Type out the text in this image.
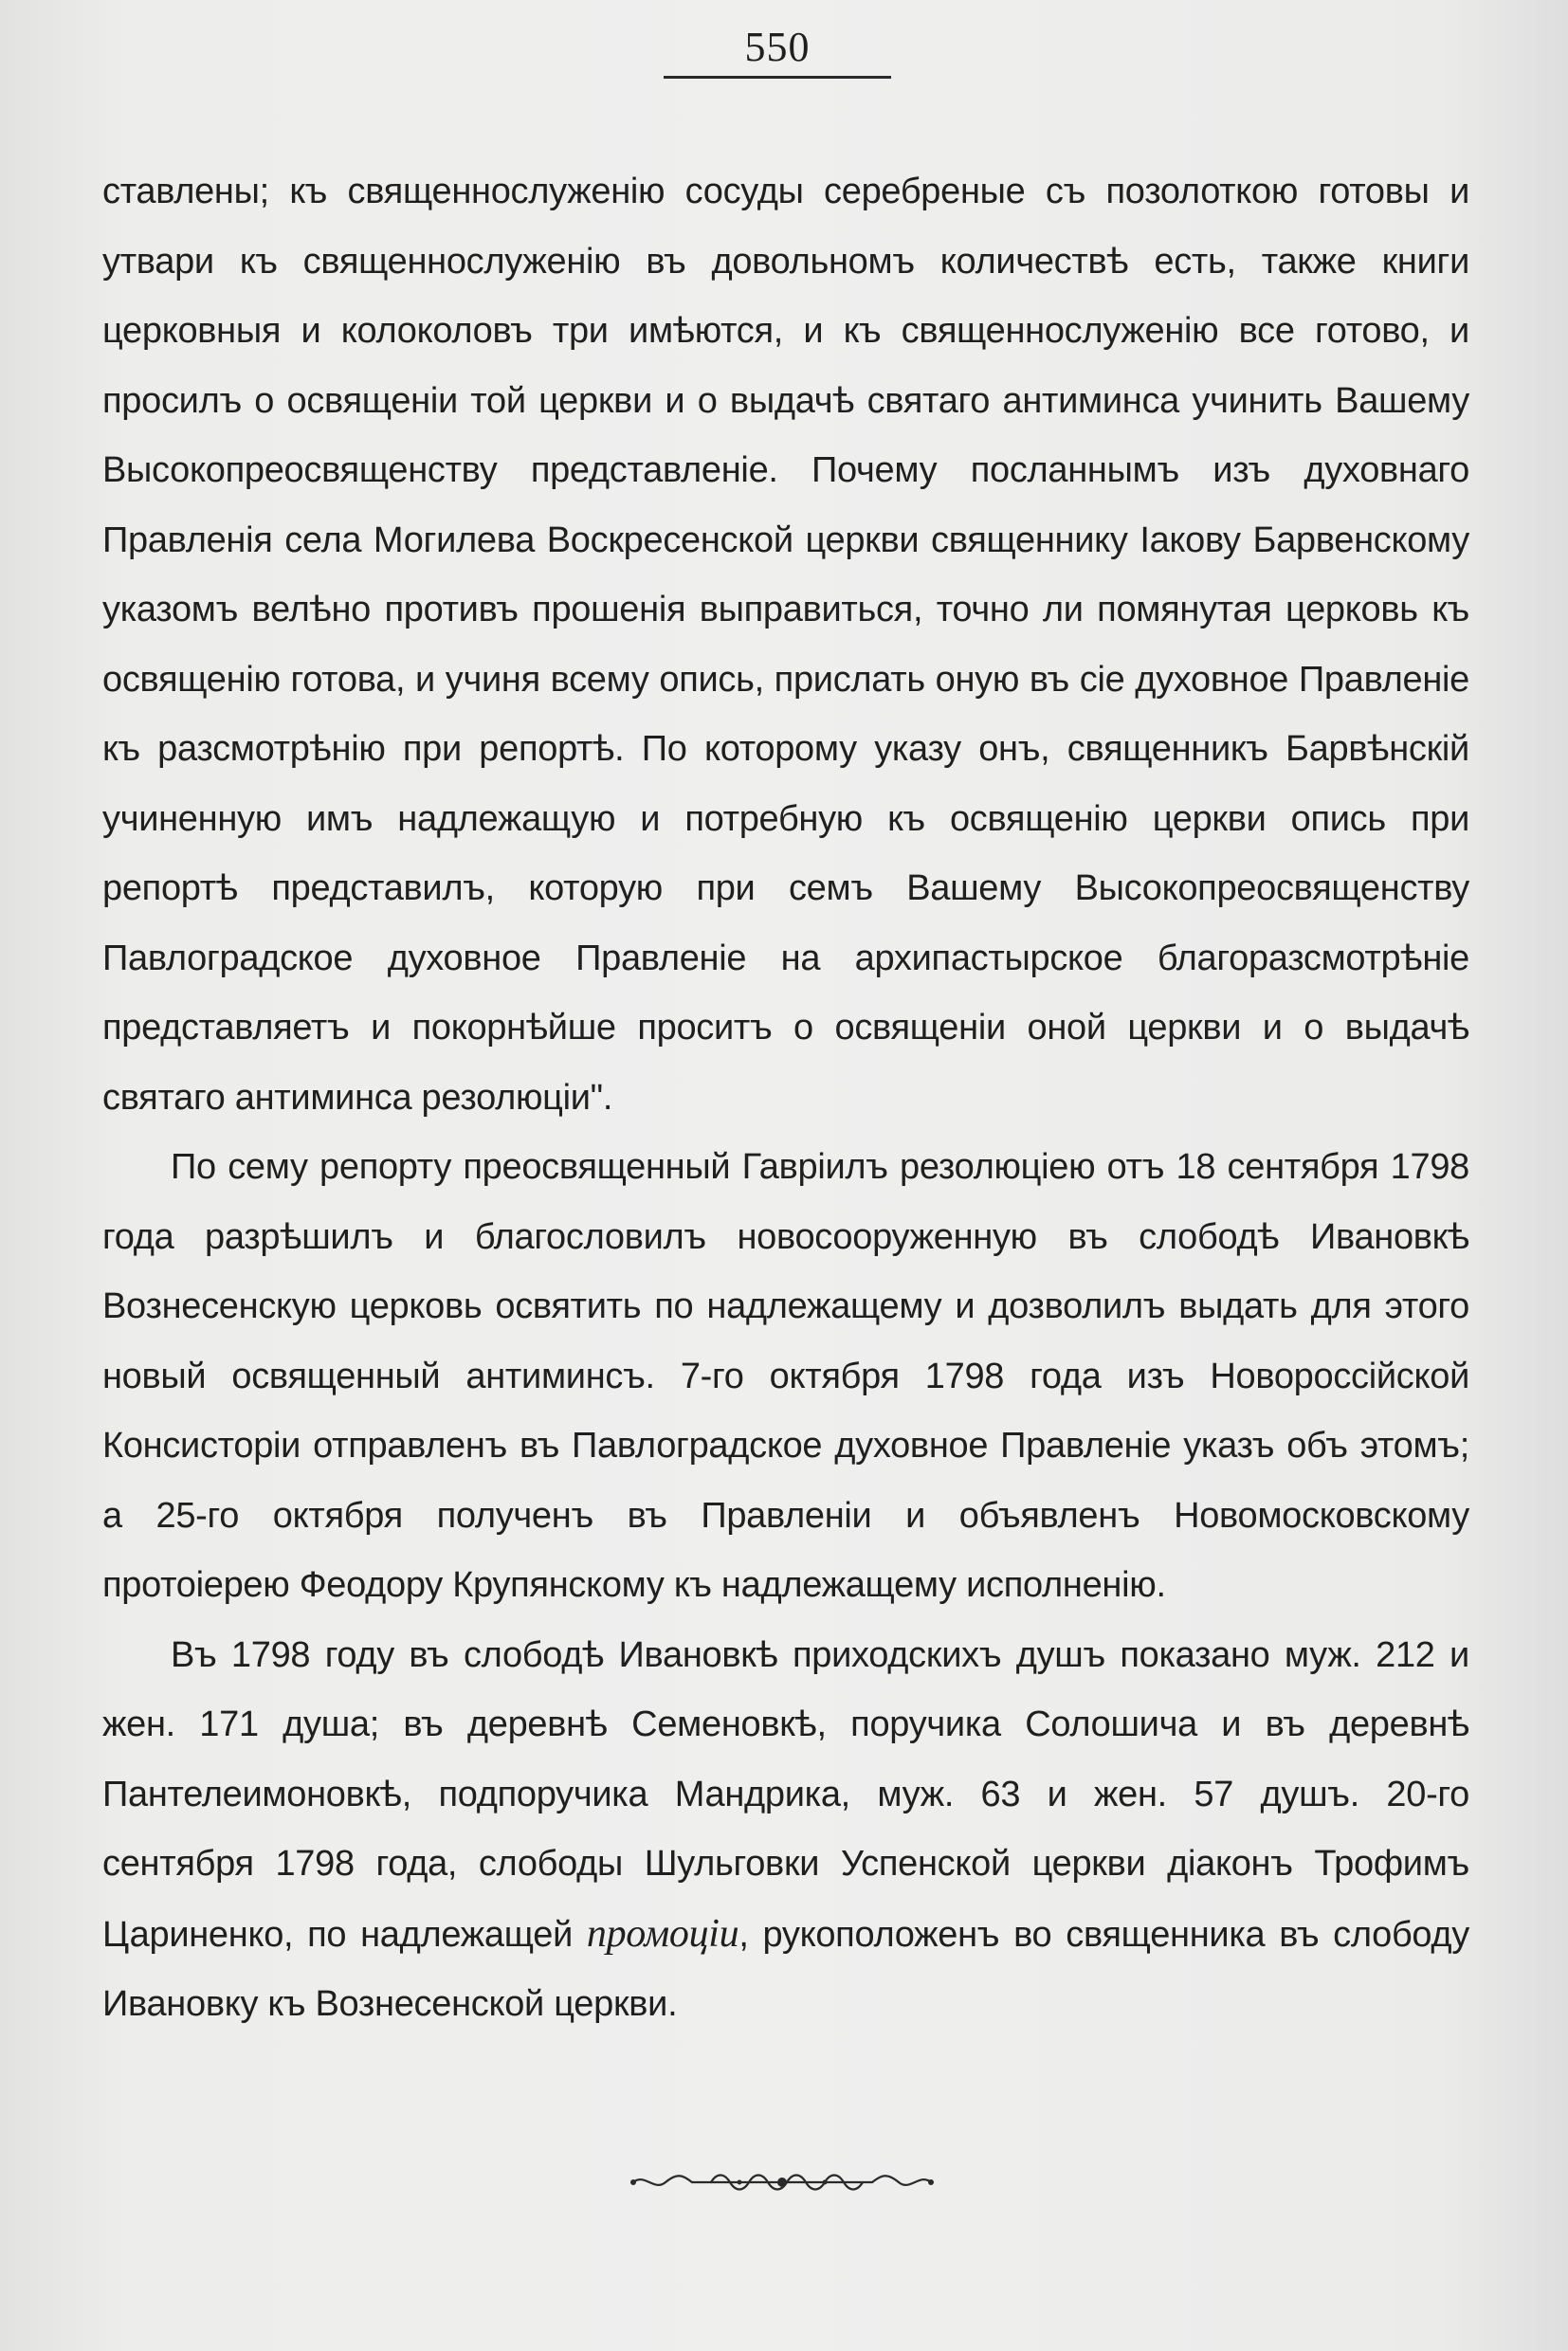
550

ставлены; къ священнослуженiю сосуды серебреные съ позолоткою готовы и утвари къ священнослуженiю въ довольномъ количествѣ есть, также книги церковныя и колоколовъ три имѣются, и къ священнослуженiю все готово, и просилъ о освященiи той церкви и о выдачѣ святаго антиминса учинить Вашему Высокопреосвященству представленiе. Почему посланнымъ изъ духовнаго Правленiя села Могилева Воскресенской церкви священнику Iакову Барвенскому указомъ велѣно противъ прошенiя выправиться, точно ли помянутая церковь къ освященiю готова, и учиня всему опись, прислать оную въ сiе духовное Правленiе къ разсмотрѣнiю при репортѣ. По которому указу онъ, священникъ Барвѣнскiй учиненную имъ надлежащую и потребную къ освященiю церкви опись при репортѣ представилъ, которую при семъ Вашему Высокопреосвященству Павлоградское духовное Правленiе на архипастырское благоразсмотрѣнiе представляетъ и покорнѣйше проситъ о освященiи оной церкви и о выдачѣ святаго антиминса резолюцiи".

По сему репорту преосвященный Гаврiилъ резолюцiею отъ 18 сентября 1798 года разрѣшилъ и благословилъ новосооруженную въ слободѣ Ивановкѣ Вознесенскую церковь освятить по надлежащему и дозволилъ выдать для этого новый освященный антиминсъ. 7-го октября 1798 года изъ Новороссiйской Консисторiи отправленъ въ Павлоградское духовное Правленiе указъ объ этомъ; а 25-го октября полученъ въ Правленiи и объявленъ Новомосковскому протоiерею Феодору Крупянскому къ надлежащему исполненiю.

Въ 1798 году въ слободѣ Ивановкѣ приходскихъ душъ показано муж. 212 и жен. 171 душа; въ деревнѣ Семеновкѣ, поручика Солошича и въ деревнѣ Пантелеимоновкѣ, подпоручика Мандрика, муж. 63 и жен. 57 душъ. 20-го сентября 1798 года, слободы Шульговки Успенской церкви дiаконъ Трофимъ Цариненко, по надлежащей промоцiи, рукоположенъ во священника въ слободу Ивановку къ Вознесенской церкви.
